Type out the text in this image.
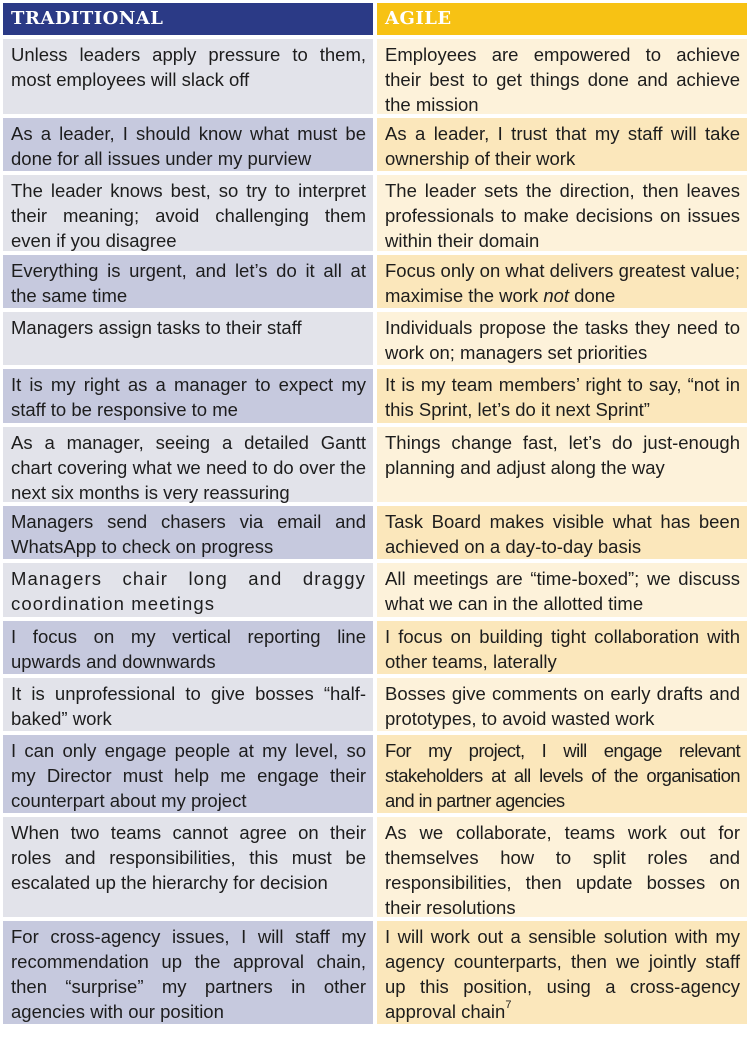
TRADITIONAL	AGILE
Unless leaders apply pressure to them, most employees will slack off
Employees are empowered to achieve their best to get things done and achieve the mission
As a leader, I should know what must be done for all issues under my purview
As a leader, I trust that my staff will take ownership of their work
The leader knows best, so try to interpret their meaning; avoid challenging them even if you disagree
The leader sets the direction, then leaves professionals to make decisions on issues within their domain
Everything is urgent, and let’s do it all at the same time
Focus only on what delivers greatest value; maximise the work not done
Managers assign tasks to their staff	Individuals propose the tasks they need to work on; managers set priorities
It is my right as a manager to expect my staff to be responsive to me
It is my team members’ right to say, “not in this Sprint, let’s do it next Sprint”
As a manager, seeing a detailed Gantt chart covering what we need to do over the next six months is very reassuring
Things change fast, let’s do just-enough planning and adjust along the way
Managers send chasers via email and WhatsApp to check on progress
Task Board makes visible what has been achieved on a day-to-day basis
Managers chair long and draggy coordination meetings
All meetings are “time-boxed”; we discuss what we can in the allotted time
I focus on my vertical reporting line upwards and downwards
I focus on building tight collaboration with other teams, laterally
It is unprofessional to give bosses “half-baked” work
Bosses give comments on early drafts and prototypes, to avoid wasted work
I can only engage people at my level, so my Director must help me engage their counterpart about my project
For my project, I will engage relevant stakeholders at all levels of the organisation and in partner agencies
When two teams cannot agree on their roles and responsibilities, this must be escalated up the hierarchy for decision
As we collaborate, teams work out for themselves how to split roles and responsibilities, then update bosses on their resolutions
For cross-agency issues, I will staff my recommendation up the approval chain, then “surprise” my partners in other agencies with our position
I will work out a sensible solution with my agency counterparts, then we jointly staff up this position, using a cross-agency approval chain$^7$
